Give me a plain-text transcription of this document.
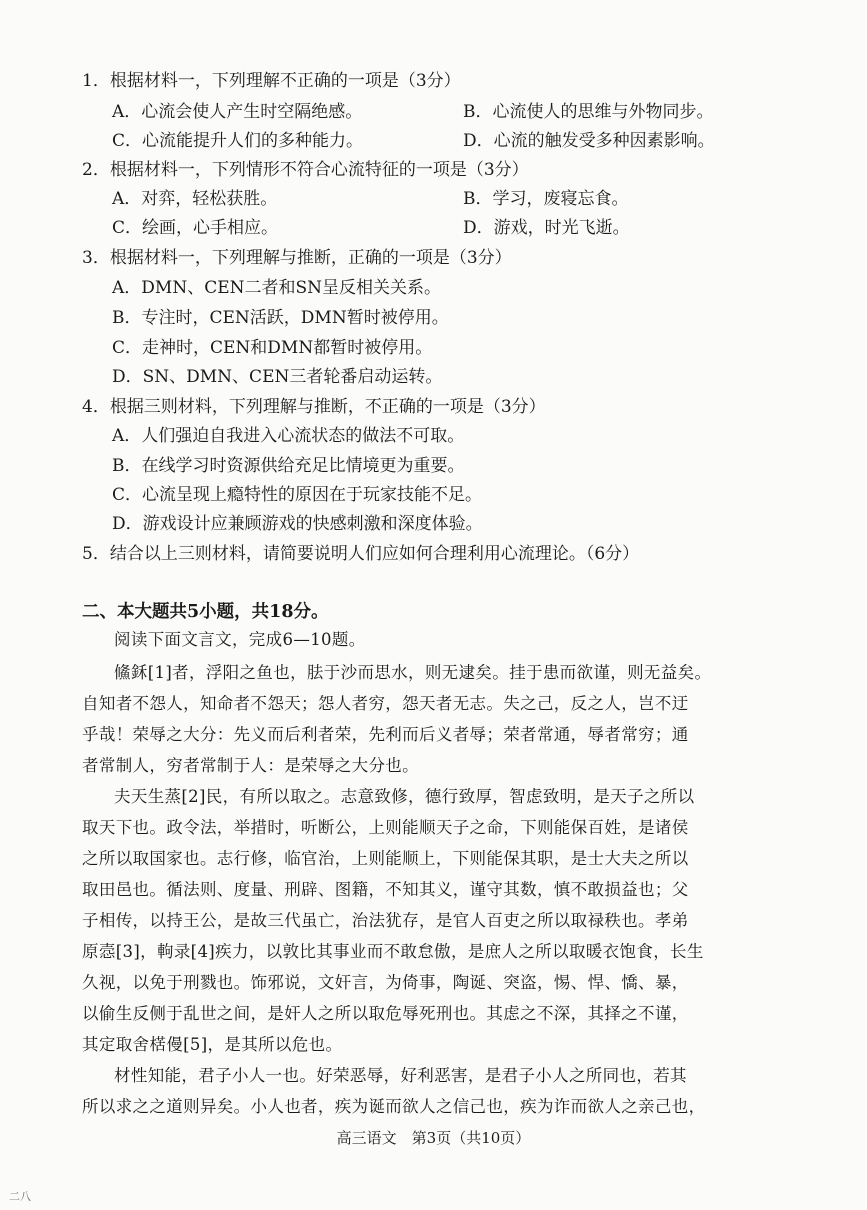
1．根据材料一，下列理解不正确的一项是（3分）
A．心流会使人产生时空隔绝感。	B．心流使人的思维与外物同步。
C．心流能提升人们的多种能力。	D．心流的触发受多种因素影响。
2．根据材料一，下列情形不符合心流特征的一项是（3分）
A．对弈，轻松获胜。	B．学习，废寝忘食。
C．绘画，心手相应。	D．游戏，时光飞逝。
3．根据材料一，下列理解与推断，正确的一项是（3分）
A．DMN、CEN二者和SN呈反相关关系。
B．专注时，CEN活跃，DMN暂时被停用。
C．走神时，CEN和DMN都暂时被停用。
D．SN、DMN、CEN三者轮番启动运转。
4．根据三则材料，下列理解与推断，不正确的一项是（3分）
A．人们强迫自我进入心流状态的做法不可取。
B．在线学习时资源供给充足比情境更为重要。
C．心流呈现上瘾特性的原因在于玩家技能不足。
D．游戏设计应兼顾游戏的快感刺激和深度体验。
5．结合以上三则材料，请简要说明人们应如何合理利用心流理论。（6分）
二、本大题共5小题，共18分。
阅读下面文言文，完成6—10题。
鯈鉌[1]者，浮阳之鱼也，胠于沙而思水，则无逮矣。挂于患而欲谨，则无益矣。
自知者不怨人，知命者不怨天；怨人者穷，怨天者无志。失之己，反之人，岂不迂
乎哉！荣辱之大分：先义而后利者荣，先利而后义者辱；荣者常通，辱者常穷；通
者常制人，穷者常制于人：是荣辱之大分也。
夫天生蒸[2]民，有所以取之。志意致修，德行致厚，智虑致明，是天子之所以
取天下也。政令法，举措时，听断公，上则能顺天子之命，下则能保百姓，是诸侯
之所以取国家也。志行修，临官治，上则能顺上，下则能保其职，是士大夫之所以
取田邑也。循法则、度量、刑辟、图籍，不知其义，谨守其数，慎不敢损益也；父
子相传，以持王公，是故三代虽亡，治法犹存，是官人百吏之所以取禄秩也。孝弟
原悫[3]，軥录[4]疾力，以敦比其事业而不敢怠傲，是庶人之所以取暖衣饱食，长生
久视，以免于刑戮也。饰邪说，文奸言，为倚事，陶诞、突盗，惕、悍、憍、暴，
以偷生反侧于乱世之间，是奸人之所以取危辱死刑也。其虑之不深，其择之不谨，
其定取舍楛僈[5]，是其所以危也。
材性知能，君子小人一也。好荣恶辱，好利恶害，是君子小人之所同也，若其
所以求之之道则异矣。小人也者，疾为诞而欲人之信己也，疾为诈而欲人之亲己也，
高三语文　第3页（共10页）
二八
